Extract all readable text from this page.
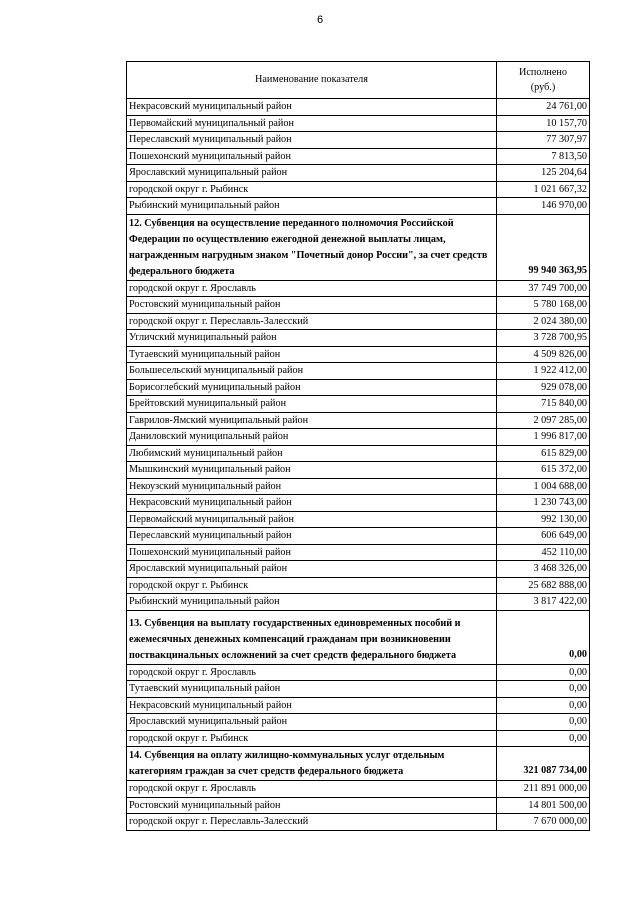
6
Наименование показателя	Исполнено
(руб.)
Некрасовский муниципальный район	24 761,00
Первомайский муниципальный район	10 157,70
Переславский муниципальный район	77 307,97
Пошехонский муниципальный район	7 813,50
Ярославский муниципальный район	125 204,64
городской округ г. Рыбинск	1 021 667,32
Рыбинский муниципальный район	146 970,00
12. Субвенция на осуществление переданного полномочия Российской Федерации по осуществлению ежегодной денежной выплаты лицам, награжденным нагрудным знаком "Почетный донор России", за счет средств федерального бюджета	99 940 363,95
городской округ г. Ярославль	37 749 700,00
Ростовский муниципальный район	5 780 168,00
городской округ г. Переславль-Залесский	2 024 380,00
Угличский муниципальный район	3 728 700,95
Тутаевский муниципальный район	4 509 826,00
Большесельский муниципальный район	1 922 412,00
Борисоглебский муниципальный район	929 078,00
Брейтовский муниципальный район	715 840,00
Гаврилов-Ямский муниципальный район	2 097 285,00
Даниловский муниципальный район	1 996 817,00
Любимский муниципальный район	615 829,00
Мышкинский муниципальный район	615 372,00
Некоузский муниципальный район	1 004 688,00
Некрасовский муниципальный район	1 230 743,00
Первомайский муниципальный район	992 130,00
Переславский муниципальный район	606 649,00
Пошехонский муниципальный район	452 110,00
Ярославский муниципальный район	3 468 326,00
городской округ г. Рыбинск	25 682 888,00
Рыбинский муниципальный район	3 817 422,00
13. Субвенция на выплату государственных единовременных пособий и ежемесячных денежных компенсаций гражданам при возникновении поствакцинальных осложнений за счет средств федерального бюджета	0,00
городской округ г. Ярославль	0,00
Тутаевский муниципальный район	0,00
Некрасовский муниципальный район	0,00
Ярославский муниципальный район	0,00
городской округ г. Рыбинск	0,00
14. Субвенция на оплату жилищно-коммунальных услуг отдельным категориям граждан за счет средств федерального бюджета	321 087 734,00
городской округ г. Ярославль	211 891 000,00
Ростовский муниципальный район	14 801 500,00
городской округ г. Переславль-Залесский	7 670 000,00
